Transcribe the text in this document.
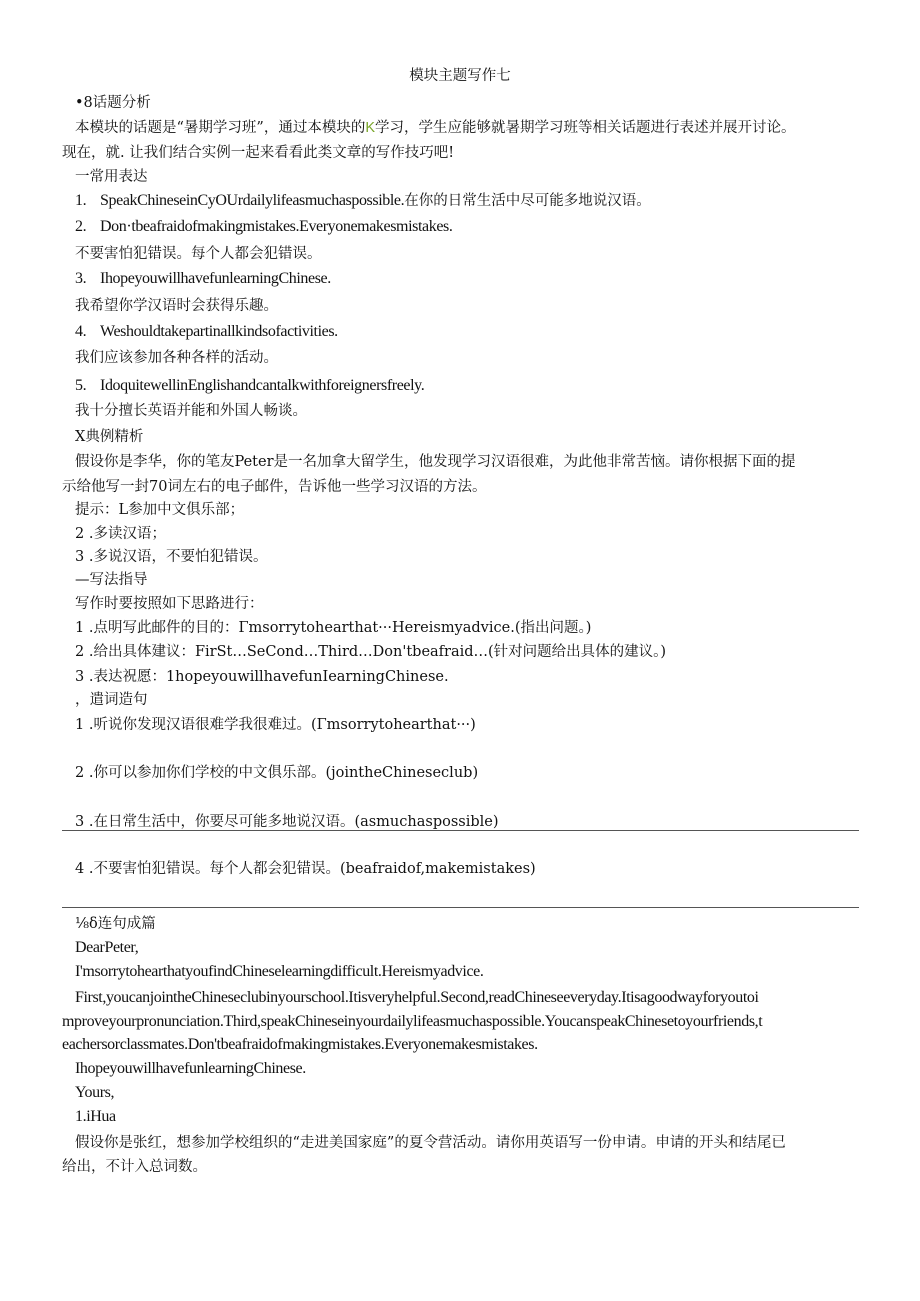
模块主题写作七
•8话题分析
本模块的话题是“暑期学习班”，通过本模块的K学习，学生应能够就暑期学习班等相关话题进行表述并展开讨论。
现在，就. 让我们结合实例一起来看看此类文章的写作技巧吧!
一常用表达
1. SpeakChineseinCyOUrdailylifeasmuchaspossible.在你的日常生活中尽可能多地说汉语。
2. Don·tbeafraidofmakingmistakes.Everyonemakesmistakes.
不要害怕犯错误。每个人都会犯错误。
3. IhopeyouwillhavefunlearningChinese.
我希望你学汉语时会获得乐趣。
4. Weshouldtakepartinallkindsofactivities.
我们应该参加各种各样的活动。
5. IdoquitewellinEnglishandcantalkwithforeignersfreely.
我十分擅长英语并能和外国人畅谈。
X典例精析
假设你是李华，你的笔友Peter是一名加拿大留学生，他发现学习汉语很难，为此他非常苦恼。请你根据下面的提
示给他写一封70词左右的电子邮件，告诉他一些学习汉语的方法。
提示：L参加中文俱乐部；
2 .多读汉语；
3 .多说汉语，不要怕犯错误。
—写法指导
写作时要按照如下思路进行：
1 .点明写此邮件的目的：Γmsorrytohearthat···Hereismyadvice.(指出问题。)
2 .给出具体建议：FirSt…SeCond…Third…Don'tbeafraid…(针对问题给出具体的建议。)
3 .表达祝愿：1hopeyouwillhavefunIearningChinese.
，遣词造句
1 .听说你发现汉语很难学我很难过。(Γmsorrytohearthat···)
2 .你可以参加你们学校的中文俱乐部。(jointheChineseclub)
3 .在日常生活中，你要尽可能多地说汉语。(asmuchaspossible)
4 .不要害怕犯错误。每个人都会犯错误。(beafraidof,makemistakes)
⅛δ连句成篇
DearPeter,
I'msorrytohearthatyoufindChineselearningdifficult.Hereismyadvice.
First,youcanjointheChineseclubinyourschool.Itisveryhelpful.Second,readChineseeveryday.Itisagoodwayforyoutoi
mproveyourpronunciation.Third,speakChineseinyourdailylifeasmuchaspossible.YoucanspeakChinesetoyourfriends,t
eachersorclassmates.Don'tbeafraidofmakingmistakes.Everyonemakesmistakes.
IhopeyouwillhavefunlearningChinese.
Yours,
1.iHua
假设你是张红，想参加学校组织的“走进美国家庭”的夏令营活动。请你用英语写一份申请。申请的开头和结尾已
给出，不计入总词数。
